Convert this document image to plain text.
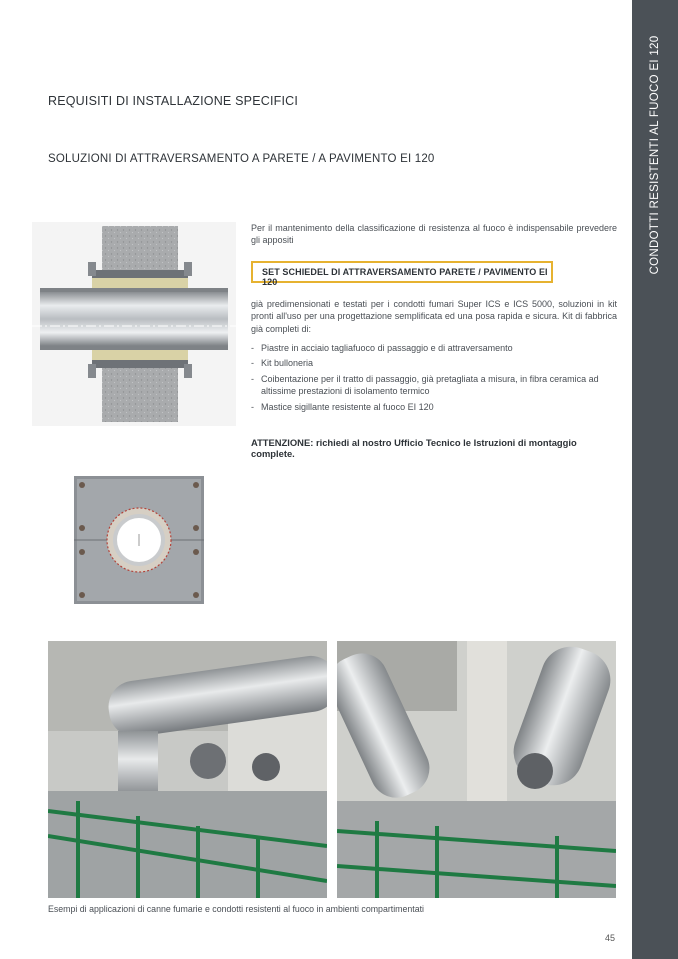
CONDOTTI RESISTENTI AL FUOCO EI 120
REQUISITI DI INSTALLAZIONE SPECIFICI
SOLUZIONI DI ATTRAVERSAMENTO A PARETE / A PAVIMENTO EI 120
Per il mantenimento della classificazione di resistenza al fuoco è indispensabile prevedere gli appositi
SET SCHIEDEL DI ATTRAVERSAMENTO PARETE / PAVIMENTO EI 120
già predimensionati e testati per i condotti fumari Super ICS e ICS 5000, soluzioni in kit pronti all'uso per una progettazione semplificata ed una posa rapida e sicura. Kit di fabbrica già completi di:
- Piastre in acciaio tagliafuoco di passaggio e di attraversamento
- Kit bulloneria
- Coibentazione per il tratto di passaggio, già pretagliata a misura, in fibra ceramica ad altissime prestazioni di isolamento termico
- Mastice sigillante resistente al fuoco EI 120
ATTENZIONE: richiedi al nostro Ufficio Tecnico le Istruzioni di montaggio complete.
Esempi di applicazioni di canne fumarie e condotti resistenti al fuoco in ambienti compartimentati
45
